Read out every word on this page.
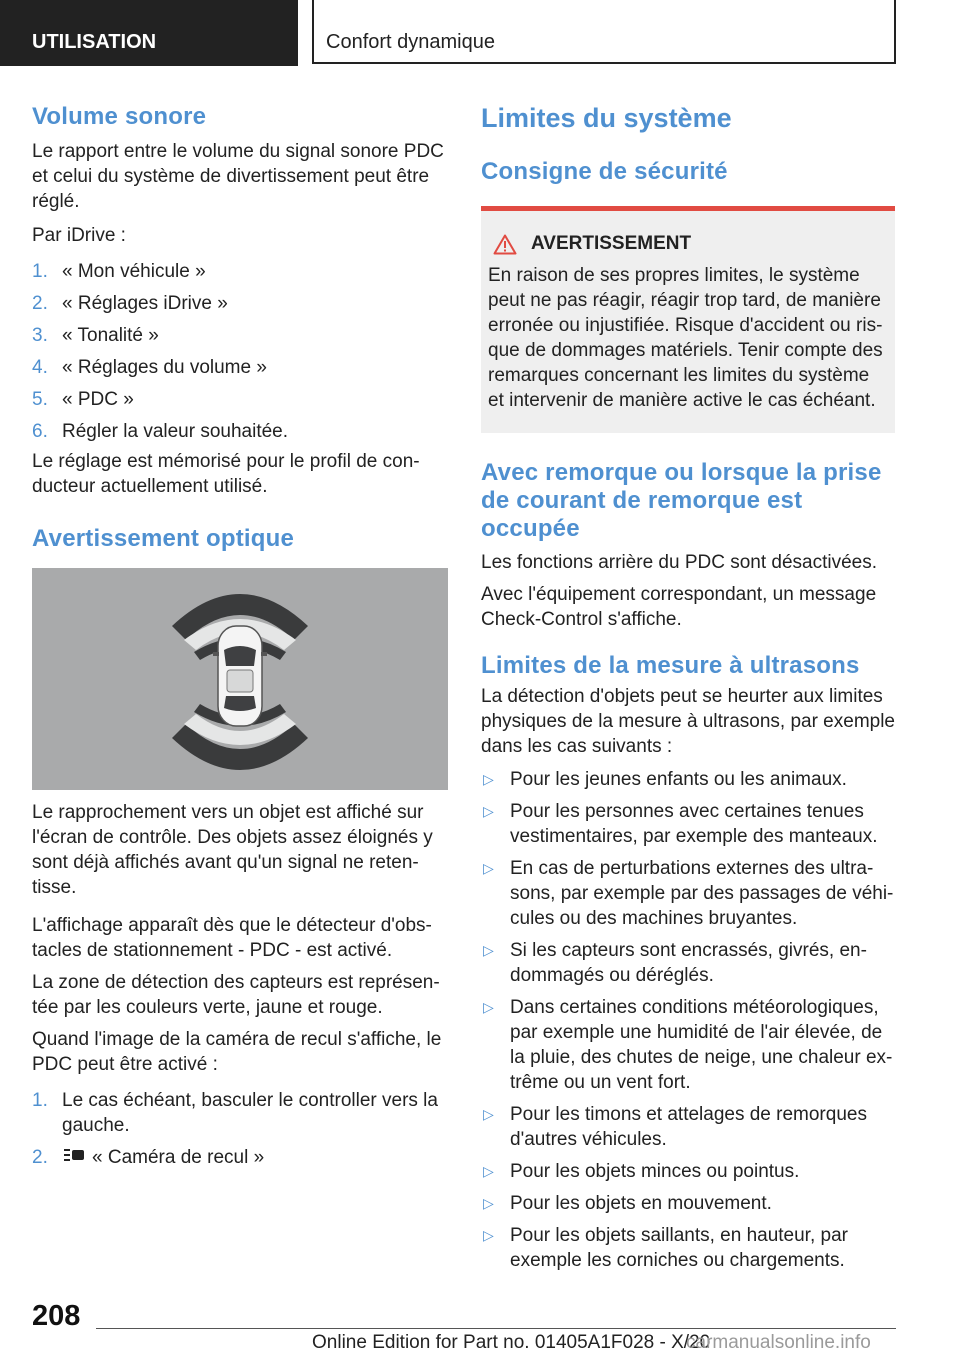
UTILISATION	Confort dynamique
Volume sonore

Le rapport entre le volume du signal sonore PDC et celui du système de divertissement peut être réglé.

Par iDrive :

1. « Mon véhicule »
2. « Réglages iDrive »
3. « Tonalité »
4. « Réglages du volume »
5. « PDC »
6. Régler la valeur souhaitée.

Le réglage est mémorisé pour le profil de con-ducteur actuellement utilisé.

Avertissement optique

Le rapprochement vers un objet est affiché sur l'écran de contrôle. Des objets assez éloignés y sont déjà affichés avant qu'un signal ne reten-tisse.

L'affichage apparaît dès que le détecteur d'obs-tacles de stationnement - PDC - est activé.

La zone de détection des capteurs est représen-tée par les couleurs verte, jaune et rouge.

Quand l'image de la caméra de recul s'affiche, le PDC peut être activé :

1. Le cas échéant, basculer le controller vers la gauche.
2. « Caméra de recul »
Limites du système
Consigne de sécurité
AVERTISSEMENT

En raison de ses propres limites, le système peut ne pas réagir, réagir trop tard, de manière erronée ou injustifiée. Risque d'accident ou ris-que de dommages matériels. Tenir compte des remarques concernant les limites du système et intervenir de manière active le cas échéant.

Avec remorque ou lorsque la prise de courant de remorque est occupée

Les fonctions arrière du PDC sont désactivées.

Avec l'équipement correspondant, un message Check-Control s'affiche.

Limites de la mesure à ultrasons

La détection d'objets peut se heurter aux limites physiques de la mesure à ultrasons, par exemple dans les cas suivants :

▷ Pour les jeunes enfants ou les animaux.
▷ Pour les personnes avec certaines tenues vestimentaires, par exemple des manteaux.
▷ En cas de perturbations externes des ultra-sons, par exemple par des passages de véhi-cules ou des machines bruyantes.
▷ Si les capteurs sont encrassés, givrés, en-dommagés ou déréglés.
▷ Dans certaines conditions météorologiques, par exemple une humidité de l'air élevée, de la pluie, des chutes de neige, une chaleur ex-trême ou un vent fort.
▷ Pour les timons et attelages de remorques d'autres véhicules.
▷ Pour les objets minces ou pointus.
▷ Pour les objets en mouvement.
▷ Pour les objets saillants, en hauteur, par exemple les corniches ou chargements.
208
Online Edition for Part no. 01405A1F028 - X/20
carmanualsonline.info
